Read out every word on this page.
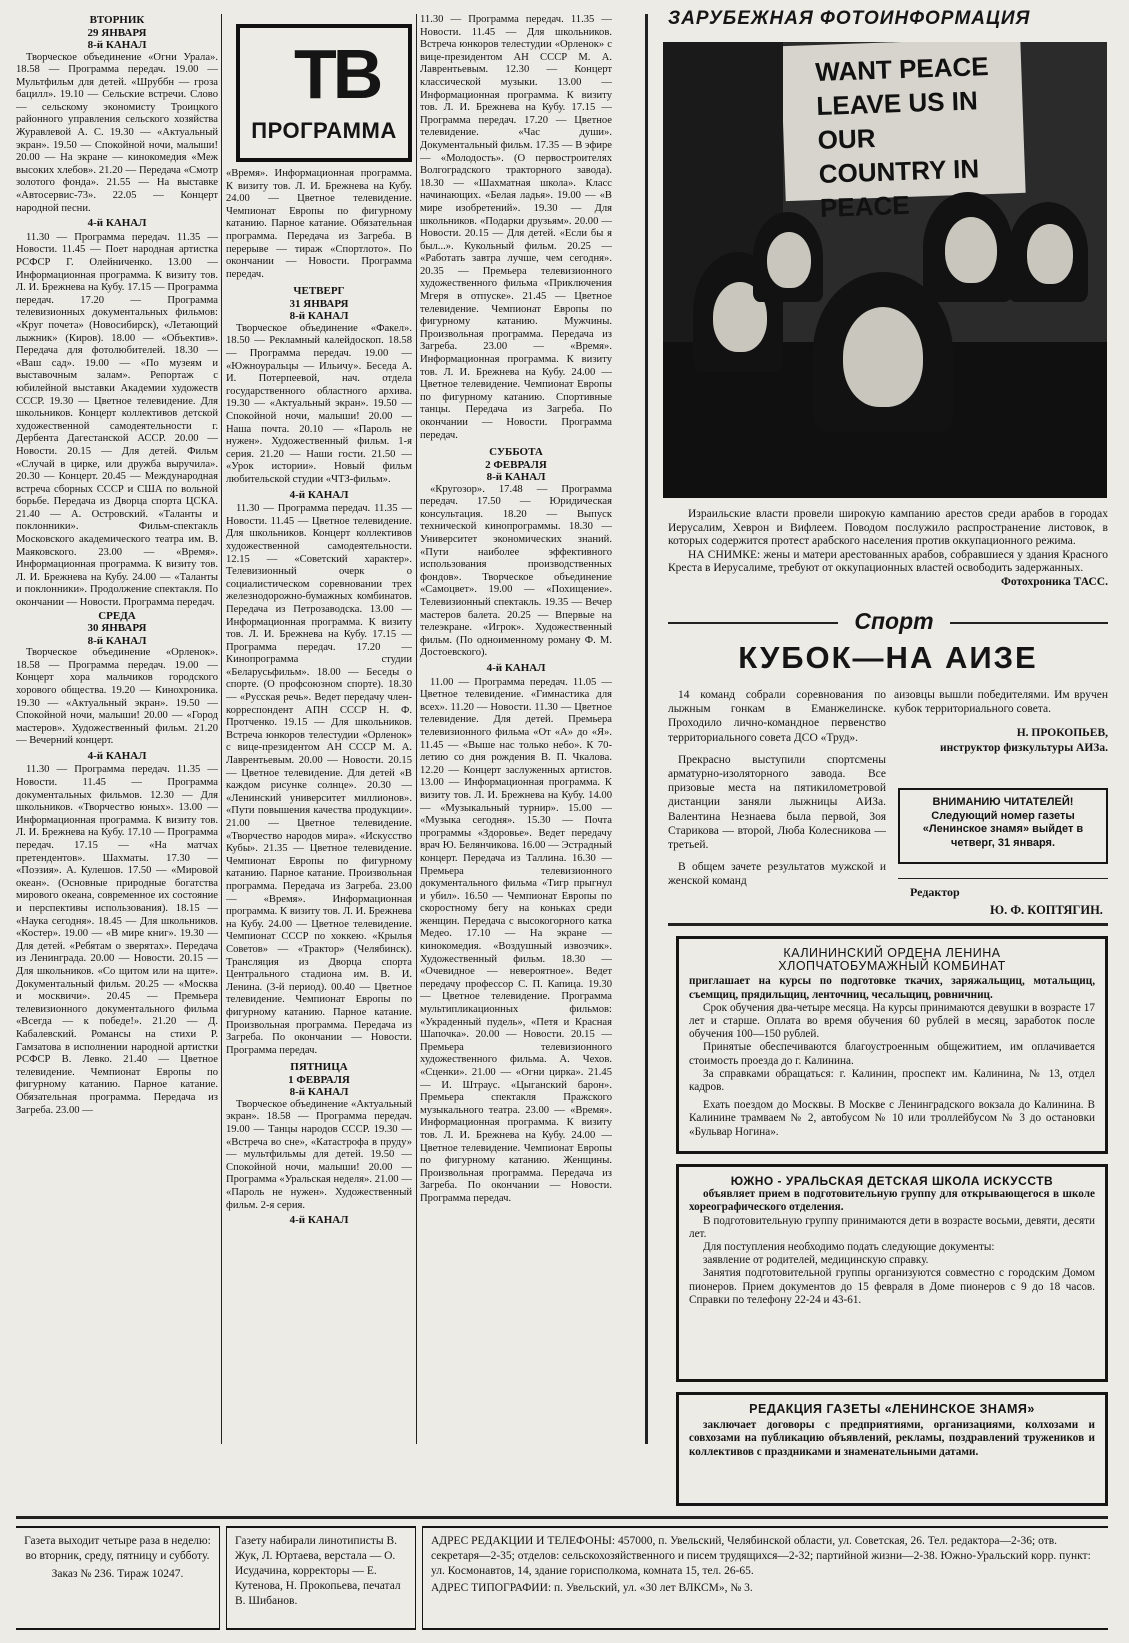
ТВ
ПРОГРАММА

ВТОРНИК

29 ЯНВАРЯ

8-й КАНАЛ

Творческое объединение «Огни Урала». 18.58 — Программа передач. 19.00 — Мультфильм для детей. «Шруббн — гроза бацилл». 19.10 — Сельские встречи. Слово — сельскому экономисту Троицкого районного управления сельского хозяйства Журавлевой А. С. 19.30 — «Актуальный экран». 19.50 — Спокойной ночи, малыши! 20.00 — На экране — кинокомедия «Меж высоких хлебов». 21.20 — Передача «Смотр золотого фонда». 21.55 — На выставке «Автосервис-73». 22.05 — Концерт народной песни.

4-й КАНАЛ

11.30 — Программа передач. 11.35 — Новости. 11.45 — Поет народная артистка РСФСР Г. Олейниченко. 13.00 — Информационная программа. К визиту тов. Л. И. Брежнева на Кубу. 17.15 — Программа передач. 17.20 — Программа телевизионных документальных фильмов: «Круг почета» (Новосибирск), «Летающий лыжник» (Киров). 18.00 — «Объектив». Передача для фотолюбителей. 18.30 — «Ваш сад». 19.00 — «По музеям и выставочным залам». Репортаж с юбилейной выставки Академии художеств СССР. 19.30 — Цветное телевидение. Для школьников. Концерт коллективов детской художественной самодеятельности г. Дербента Дагестанской АССР. 20.00 — Новости. 20.15 — Для детей. Фильм «Случай в цирке, или дружба выручила». 20.30 — Концерт. 20.45 — Международная встреча сборных СССР и США по вольной борьбе. Передача из Дворца спорта ЦСКА. 21.40 — А. Островский. «Таланты и поклонники». Фильм-спектакль Московского академического театра им. В. Маяковского. 23.00 — «Время». Информационная программа. К визиту тов. Л. И. Брежнева на Кубу. 24.00 — «Таланты и поклонники». Продолжение спектакля. По окончании — Новости. Программа передач.

СРЕДА

30 ЯНВАРЯ

8-й КАНАЛ

Творческое объединение «Орленок». 18.58 — Программа передач. 19.00 — Концерт хора мальчиков городского хорового общества. 19.20 — Кинохроника. 19.30 — «Актуальный экран». 19.50 — Спокойной ночи, малыши! 20.00 — «Город мастеров». Художественный фильм. 21.20 — Вечерний концерт.

4-й КАНАЛ

11.30 — Программа передач. 11.35 — Новости. 11.45 — Программа документальных фильмов. 12.30 — Для школьников. «Творчество юных». 13.00 — Информационная программа. К визиту тов. Л. И. Брежнева на Кубу. 17.10 — Программа передач. 17.15 — «На матчах претендентов». Шахматы. 17.30 — «Поэзия». А. Кулешов. 17.50 — «Мировой океан». (Основные природные богатства мирового океана, современное их состояние и перспективы использования). 18.15 — «Наука сегодня». 18.45 — Для школьников. «Костер». 19.00 — «В мире книг». 19.30 — Для детей. «Ребятам о зверятах». Передача из Ленинграда. 20.00 — Новости. 20.15 — Для школьников. «Со щитом или на щите». Документальный фильм. 20.25 — «Москва и москвичи». 20.45 — Премьера телевизионного документального фильма «Всегда — к победе!». 21.20 — Д. Кабалевский. Романсы на стихи Р. Гамзатова в исполнении народной артистки РСФСР В. Левко. 21.40 — Цветное телевидение. Чемпионат Европы по фигурному катанию. Парное катание. Обязательная программа. Передача из Загреба. 23.00 —

«Время». Информационная программа. К визиту тов. Л. И. Брежнева на Кубу. 24.00 — Цветное телевидение. Чемпионат Европы по фигурному катанию. Парное катание. Обязательная программа. Передача из Загреба. В перерыве — тираж «Спортлото». По окончании — Новости. Программа передач.

ЧЕТВЕРГ

31 ЯНВАРЯ

8-й КАНАЛ

Творческое объединение «Факел». 18.50 — Рекламный калейдоскоп. 18.58 — Программа передач. 19.00 — «Южноуральцы — Ильичу». Беседа А. И. Потерпеевой, нач. отдела государственного областного архива. 19.30 — «Актуальный экран». 19.50 — Спокойной ночи, малыши! 20.00 — Наша почта. 20.10 — «Пароль не нужен». Художественный фильм. 1-я серия. 21.20 — Наши гости. 21.50 — «Урок истории». Новый фильм любительской студии «ЧТЗ-фильм».

4-й КАНАЛ

11.30 — Программа передач. 11.35 — Новости. 11.45 — Цветное телевидение. Для школьников. Концерт коллективов художественной самодеятельности. 12.15 — «Советский характер». Телевизионный очерк о социалистическом соревновании трех железнодорожно-бумажных комбинатов. Передача из Петрозаводска. 13.00 — Информационная программа. К визиту тов. Л. И. Брежнева на Кубу. 17.15 — Программа передач. 17.20 — Кинопрограмма студии «Беларусьфильм». 18.00 — Беседы о спорте. (О профсоюзном спорте). 18.30 — «Русская речь». Ведет передачу член-корреспондент АПН СССР Н. Ф. Протченко. 19.15 — Для школьников. Встреча юнкоров телестудии «Орленок» с вице-президентом АН СССР М. А. Лаврентьевым. 20.00 — Новости. 20.15 — Цветное телевидение. Для детей «В каждом рисунке солнце». 20.30 — «Ленинский университет миллионов». «Пути повышения качества продукции». 21.00 — Цветное телевидение. «Творчество народов мира». «Искусство Кубы». 21.35 — Цветное телевидение. Чемпионат Европы по фигурному катанию. Парное катание. Произвольная программа. Передача из Загреба. 23.00 — «Время». Информационная программа. К визиту тов. Л. И. Брежнева на Кубу. 24.00 — Цветное телевидение. Чемпионат СССР по хоккею. «Крылья Советов» — «Трактор» (Челябинск). Трансляция из Дворца спорта Центрального стадиона им. В. И. Ленина. (3-й период). 00.40 — Цветное телевидение. Чемпионат Европы по фигурному катанию. Парное катание. Произвольная программа. Передача из Загреба. По окончании — Новости. Программа передач.

ПЯТНИЦА

1 ФЕВРАЛЯ

8-й КАНАЛ

Творческое объединение «Актуальный экран». 18.58 — Программа передач. 19.00 — Танцы народов СССР. 19.30 — «Встреча во сне», «Катастрофа в пруду» — мультфильмы для детей. 19.50 — Спокойной ночи, малыши! 20.00 — Программа «Уральская неделя». 21.00 — «Пароль не нужен». Художественный фильм. 2-я серия.

4-й КАНАЛ

11.30 — Программа передач. 11.35 — Новости. 11.45 — Для школьников. Встреча юнкоров телестудии «Орленок» с вице-президентом АН СССР М. А. Лаврентьевым. 12.30 — Концерт классической музыки. 13.00 — Информационная программа. К визиту тов. Л. И. Брежнева на Кубу. 17.15 — Программа передач. 17.20 — Цветное телевидение. «Час души». Документальный фильм. 17.35 — В эфире — «Молодость». (О первостроителях Волгоградского тракторного завода). 18.30 — «Шахматная школа». Класс начинающих. «Белая ладья». 19.00 — «В мире изобретений». 19.30 — Для школьников. «Подарки друзьям». 20.00 — Новости. 20.15 — Для детей. «Если бы я был...». Кукольный фильм. 20.25 — «Работать завтра лучше, чем сегодня». 20.35 — Премьера телевизионного художественного фильма «Приключения Мгеря в отпуске». 21.45 — Цветное телевидение. Чемпионат Европы по фигурному катанию. Мужчины. Произвольная программа. Передача из Загреба. 23.00 — «Время». Информационная программа. К визиту тов. Л. И. Брежнева на Кубу. 24.00 — Цветное телевидение. Чемпионат Европы по фигурному катанию. Спортивные танцы. Передача из Загреба. По окончании — Новости. Программа передач.

СУББОТА

2 ФЕВРАЛЯ

8-й КАНАЛ

«Кругозор». 17.48 — Программа передач. 17.50 — Юридическая консультация. 18.20 — Выпуск технической кинопрограммы. 18.30 — Университет экономических знаний. «Пути наиболее эффективного использования производственных фондов». Творческое объединение «Самоцвет». 19.00 — «Похищение». Телевизионный спектакль. 19.35 — Вечер мастеров балета. 20.25 — Впервые на телеэкране. «Игрок». Художественный фильм. (По одноименному роману Ф. М. Достоевского).

4-й КАНАЛ

11.00 — Программа передач. 11.05 — Цветное телевидение. «Гимнастика для всех». 11.20 — Новости. 11.30 — Цветное телевидение. Для детей. Премьера телевизионного фильма «От «А» до «Я». 11.45 — «Выше нас только небо». К 70-летию со дня рождения В. П. Чкалова. 12.20 — Концерт заслуженных артистов. 13.00 — Информационная программа. К визиту тов. Л. И. Брежнева на Кубу. 14.00 — «Музыкальный турнир». 15.00 — «Музыка сегодня». 15.30 — Почта программы «Здоровье». Ведет передачу врач Ю. Белянчикова. 16.00 — Эстрадный концерт. Передача из Таллина. 16.30 — Премьера телевизионного документального фильма «Тигр прыгнул и убил». 16.50 — Чемпионат Европы по скоростному бегу на коньках среди женщин. Передача с высокогорного катка Медео. 17.10 — На экране — кинокомедия. «Воздушный извозчик». Художественный фильм. 18.30 — «Очевидное — невероятное». Ведет передачу профессор С. П. Капица. 19.30 — Цветное телевидение. Программа мультипликационных фильмов: «Украденный пудель», «Петя и Красная Шапочка». 20.00 — Новости. 20.15 — Премьера телевизионного художественного фильма. А. Чехов. «Сценки». 21.00 — «Огни цирка». 21.45 — И. Штраус. «Цыганский барон». Премьера спектакля Пражского музыкального театра. 23.00 — «Время». Информационная программа. К визиту тов. Л. И. Брежнева на Кубу. 24.00 — Цветное телевидение. Чемпионат Европы по фигурному катанию. Женщины. Произвольная программа. Передача из Загреба. По окончании — Новости. Программа передач.

ЗАРУБЕЖНАЯ ФОТОИНФОРМАЦИЯ
WANT PEACE
LEAVE US IN OUR
COUNTRY IN PEACE
Израильские власти провели широкую кампанию арестов среди арабов в городах Иерусалим, Хеврон и Вифлеем. Поводом послужило распространение листовок, в которых содержится протест арабского населения против оккупационного режима.
НА СНИМКЕ: жены и матери арестованных арабов, собравшиеся у здания Красного Креста в Иерусалиме, требуют от оккупационных властей освободить задержанных.
Фотохроника ТАСС.
Спорт
КУБОК—НА АИЗЕ

14 команд собрали соревнования по лыжным гонкам в Еманжелинске. Проходило лично-командное первенство территориального совета ДСО «Труд».

Прекрасно выступили спортсмены арматурно-изоляторного завода. Все призовые места на пятикилометровой дистанции заняли лыжницы АИЗа. Валентина Незнаева была первой, Зоя Старикова — второй, Люба Колесникова — третьей.

В общем зачете результатов мужской и женской команд

аизовцы вышли победителями. Им вручен кубок территориального совета.

Н. ПРОКОПЬЕВ,

инструктор физкультуры АИЗа.

ВНИМАНИЮ ЧИТАТЕЛЕЙ!
Следующий номер газеты «Ленинское знамя» выйдет в четверг, 31 января.
Редактор
Ю. Ф. КОПТЯГИН.

КАЛИНИНСКИЙ ОРДЕНА ЛЕНИНА

ХЛОПЧАТОБУМАЖНЫЙ КОМБИНАТ

приглашает на курсы по подготовке ткачих, заряжальщиц, мотальщиц, съемщиц, прядильщиц, ленточниц, чесальщиц, ровничниц.

Срок обучения два-четыре месяца. На курсы принимаются девушки в возрасте 17 лет и старше. Оплата во время обучения 60 рублей в месяц, заработок после обучения 100—150 рублей.

Принятые обеспечиваются благоустроенным общежитием, им оплачивается стоимость проезда до г. Калинина.

За справками обращаться: г. Калинин, проспект им. Калинина, № 13, отдел кадров.

Ехать поездом до Москвы. В Москве с Ленинградского вокзала до Калинина. В Калинине трамваем № 2, автобусом № 10 или троллейбусом № 3 до остановки «Бульвар Ногина».

ЮЖНО - УРАЛЬСКАЯ ДЕТСКАЯ ШКОЛА ИСКУССТВ

объявляет прием в подготовительную группу для открывающегося в школе хореографического отделения.

В подготовительную группу принимаются дети в возрасте восьми, девяти, десяти лет.

Для поступления необходимо подать следующие документы:

заявление от родителей, медицинскую справку.

Занятия подготовительной группы организуются совместно с городским Домом пионеров. Прием документов до 15 февраля в Доме пионеров с 9 до 18 часов. Справки по телефону 22-24 и 43-61.

РЕДАКЦИЯ ГАЗЕТЫ «ЛЕНИНСКОЕ ЗНАМЯ»

заключает договоры с предприятиями, организациями, колхозами и совхозами на публикацию объявлений, рекламы, поздравлений тружеников и коллективов с праздниками и знаменательными датами.

Газета выходит четыре раза в неделю: во вторник, среду, пятницу и субботу.
Заказ № 236. Тираж 10247.
Газету набирали линотиписты В. Жук, Л. Юртаева, верстала — О. Исудачина, корректоры — Е. Кутенова, Н. Прокопьева, печатал В. Шибанов.
АДРЕС РЕДАКЦИИ И ТЕЛЕФОНЫ: 457000, п. Увельский, Челябинской области, ул. Советская, 26. Тел. редактора—2-36; отв. секретаря—2-35; отделов: сельскохозяйственного и писем трудящихся—2-32; партийной жизни—2-38. Южно-Уральский корр. пункт: ул. Космонавтов, 14, здание горисполкома, комната 15, тел. 26-65.
АДРЕС ТИПОГРАФИИ: п. Увельский, ул. «30 лет ВЛКСМ», № 3.
